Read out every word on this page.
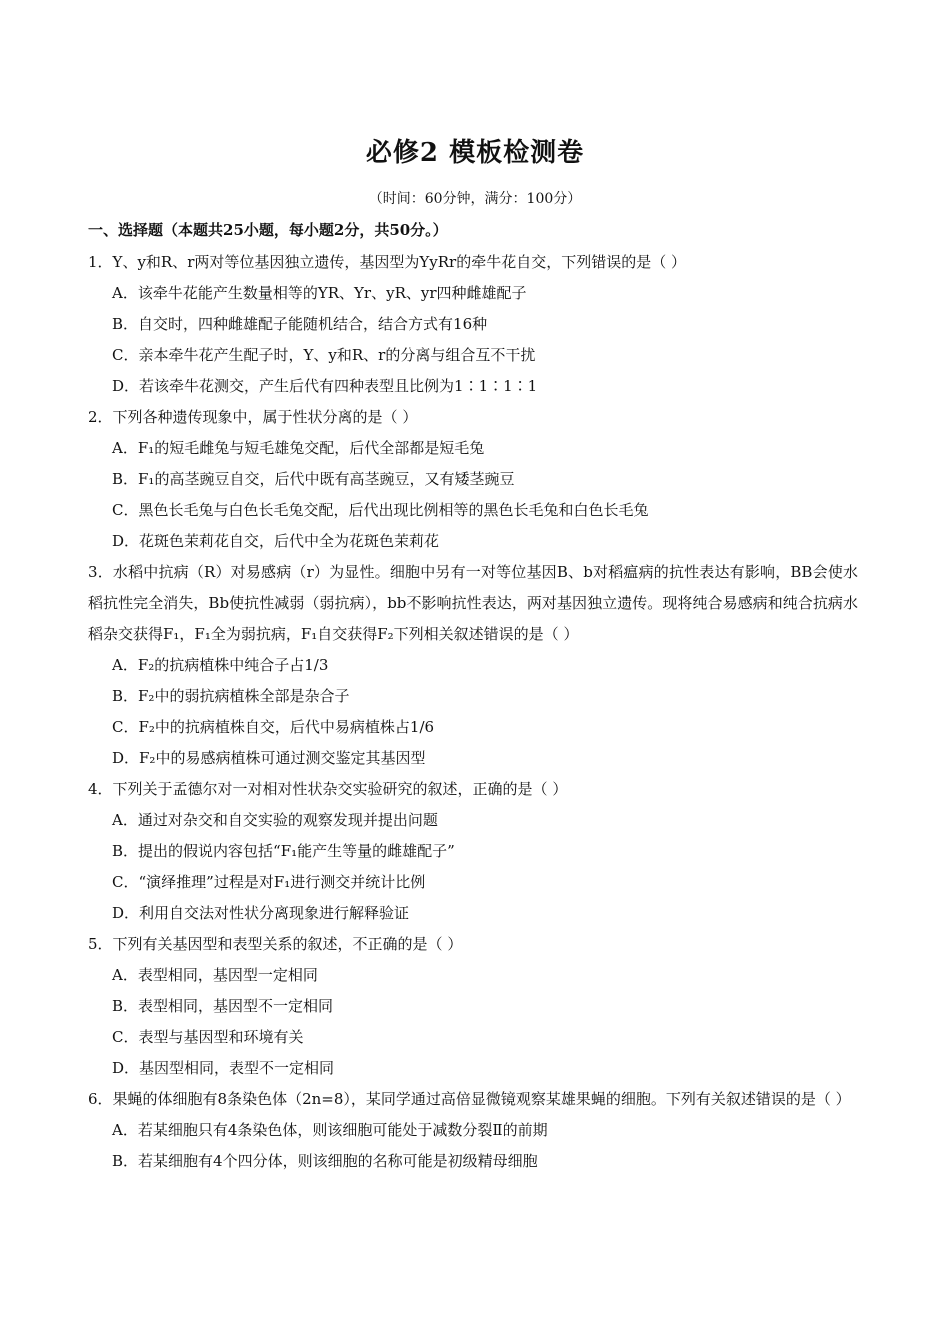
必修2 模板检测卷
（时间：60分钟，满分：100分）
一、选择题（本题共25小题，每小题2分，共50分。）

1．Y、y和R、r两对等位基因独立遗传，基因型为YyRr的牵牛花自交，下列错误的是（ ）

A．该牵牛花能产生数量相等的YR、Yr、yR、yr四种雌雄配子

B．自交时，四种雌雄配子能随机结合，结合方式有16种

C．亲本牵牛花产生配子时，Y、y和R、r的分离与组合互不干扰

D．若该牵牛花测交，产生后代有四种表型且比例为1∶1∶1∶1

2．下列各种遗传现象中，属于性状分离的是（ ）

A．F₁的短毛雌兔与短毛雄兔交配，后代全部都是短毛兔

B．F₁的高茎豌豆自交，后代中既有高茎豌豆，又有矮茎豌豆

C．黑色长毛兔与白色长毛兔交配，后代出现比例相等的黑色长毛兔和白色长毛兔

D．花斑色茉莉花自交，后代中全为花斑色茉莉花

3．水稻中抗病（R）对易感病（r）为显性。细胞中另有一对等位基因B、b对稻瘟病的抗性表达有影响，BB会使水稻抗性完全消失，Bb使抗性减弱（弱抗病），bb不影响抗性表达，两对基因独立遗传。现将纯合易感病和纯合抗病水稻杂交获得F₁，F₁全为弱抗病，F₁自交获得F₂下列相关叙述错误的是（ ）

A．F₂的抗病植株中纯合子占1/3

B．F₂中的弱抗病植株全部是杂合子

C．F₂中的抗病植株自交，后代中易病植株占1/6

D．F₂中的易感病植株可通过测交鉴定其基因型

4．下列关于孟德尔对一对相对性状杂交实验研究的叙述，正确的是（ ）

A．通过对杂交和自交实验的观察发现并提出问题

B．提出的假说内容包括“F₁能产生等量的雌雄配子”

C．“演绎推理”过程是对F₁进行测交并统计比例

D．利用自交法对性状分离现象进行解释验证

5．下列有关基因型和表型关系的叙述，不正确的是（ ）

A．表型相同，基因型一定相同

B．表型相同，基因型不一定相同

C．表型与基因型和环境有关

D．基因型相同，表型不一定相同

6．果蝇的体细胞有8条染色体（2n=8），某同学通过高倍显微镜观察某雄果蝇的细胞。下列有关叙述错误的是（ ）

A．若某细胞只有4条染色体，则该细胞可能处于减数分裂Ⅱ的前期

B．若某细胞有4个四分体，则该细胞的名称可能是初级精母细胞
